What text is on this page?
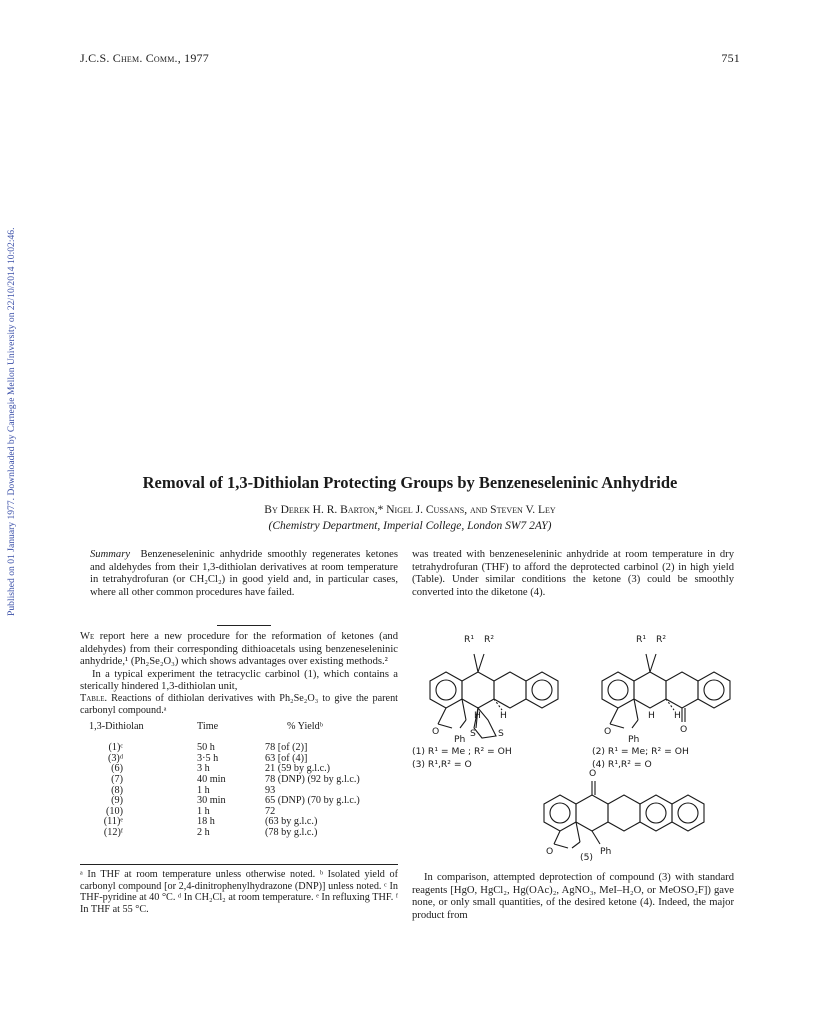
Published on 01 January 1977. Downloaded by Carnegie Mellon University on 22/10/2014 10:02:46.
J.C.S. Chem. Comm., 1977	751
Removal of 1,3-Dithiolan Protecting Groups by Benzeneseleninic Anhydride
By Derek H. R. Barton,* Nigel J. Cussans, and Steven V. Ley
(Chemistry Department, Imperial College, London SW7 2AY)

Summary Benzeneseleninic anhydride smoothly regenerates ketones and aldehydes from their 1,3-dithiolan derivatives at room temperature in tetrahydrofuran (or CH₂Cl₂) in good yield and, in particular cases, where all other common procedures have failed.

was treated with benzeneseleninic anhydride at room temperature in dry tetrahydrofuran (THF) to afford the deprotected carbinol (2) in high yield (Table). Under similar conditions the ketone (3) could be smoothly converted into the diketone (4).

We report here a new procedure for the reformation of ketones (and aldehydes) from their corresponding dithioacetals using benzeneseleninic anhydride,¹ (Ph₂Se₂O₃) which shows advantages over existing methods.²

In a typical experiment the tetracyclic carbinol (1), which contains a sterically hindered 1,3-dithiolan unit,

Table. Reactions of dithiolan derivatives with Ph₂Se₂O₃ to give the parent carbonyl compound.ᵃ
1,3-Dithiolan	Time	% Yieldᵇ

(1)ᶜ	50 h	78 [of (2)]
(3)ᵈ	3·5 h	63 [of (4)]
(6)	3 h	21 (59 by g.l.c.)
(7)	40 min	78 (DNP) (92 by g.l.c.)
(8)	1 h	93
(9)	30 min	65 (DNP) (70 by g.l.c.)
(10)	1 h	72
(11)ᵉ	18 h	(63 by g.l.c.)
(12)ᶠ	2 h	(78 by g.l.c.)
ᵃ In THF at room temperature unless otherwise noted. ᵇ Isolated yield of carbonyl compound [or 2,4-dinitrophenylhydrazone (DNP)] unless noted. ᶜ In THF-pyridine at 40 °C. ᵈ In CH₂Cl₂ at room temperature. ᵉ In refluxing THF. ᶠ In THF at 55 °C.
In comparison, attempted deprotection of compound (3) with standard reagents [HgO, HgCl₂, Hg(OAc)₂, AgNO₃, MeI–H₂O, or MeOSO₂F]) gave none, or only small quantities, of the desired ketone (4). Indeed, the major product from
R¹ R²
H H
O	S S
Ph
R¹ R²
H H
O	O
Ph
(1) R¹ = Me ; R² = OH
(3) R¹,R² = O
(2) R¹ = Me; R² = OH
(4) R¹,R² = O
O
O	Ph
(5)
